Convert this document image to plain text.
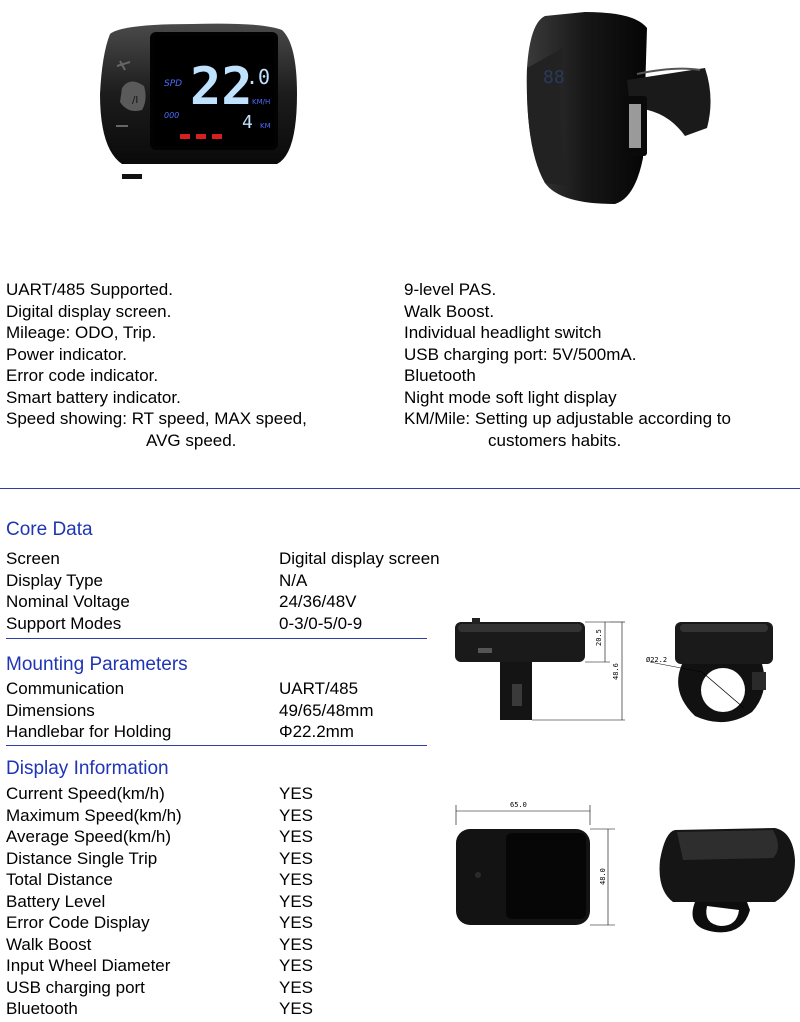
/I
SPD 22
.0
KM/H
000	4 KM
88
UART/485 Supported.
Digital display screen.
Mileage: ODO, Trip.
Power indicator.
Error code indicator.
Smart battery indicator.
Speed showing: RT speed, MAX speed,
AVG speed.
9-level PAS.
Walk Boost.
Individual headlight switch
USB charging port: 5V/500mA.
Bluetooth
Night mode soft light display
KM/Mile: Setting up adjustable according to
customers habits.
Core Data
Screen	Digital display screen
Display Type	N/A
Nominal Voltage	24/36/48V
Support Modes	0-3/0-5/0-9
Mounting Parameters
Communication	UART/485
Dimensions	49/65/48mm
Handlebar for Holding	Φ22.2mm
Display Information
Current Speed(km/h)	YES
Maximum Speed(km/h)	YES
Average Speed(km/h)	YES
Distance Single Trip	YES
Total Distance	YES
Battery Level	YES
Error Code Display	YES
Walk Boost	YES
Input Wheel Diameter	YES
USB charging port	YES
Bluetooth	YES
20.5
48.6
Ø22.2
65.0
48.0
